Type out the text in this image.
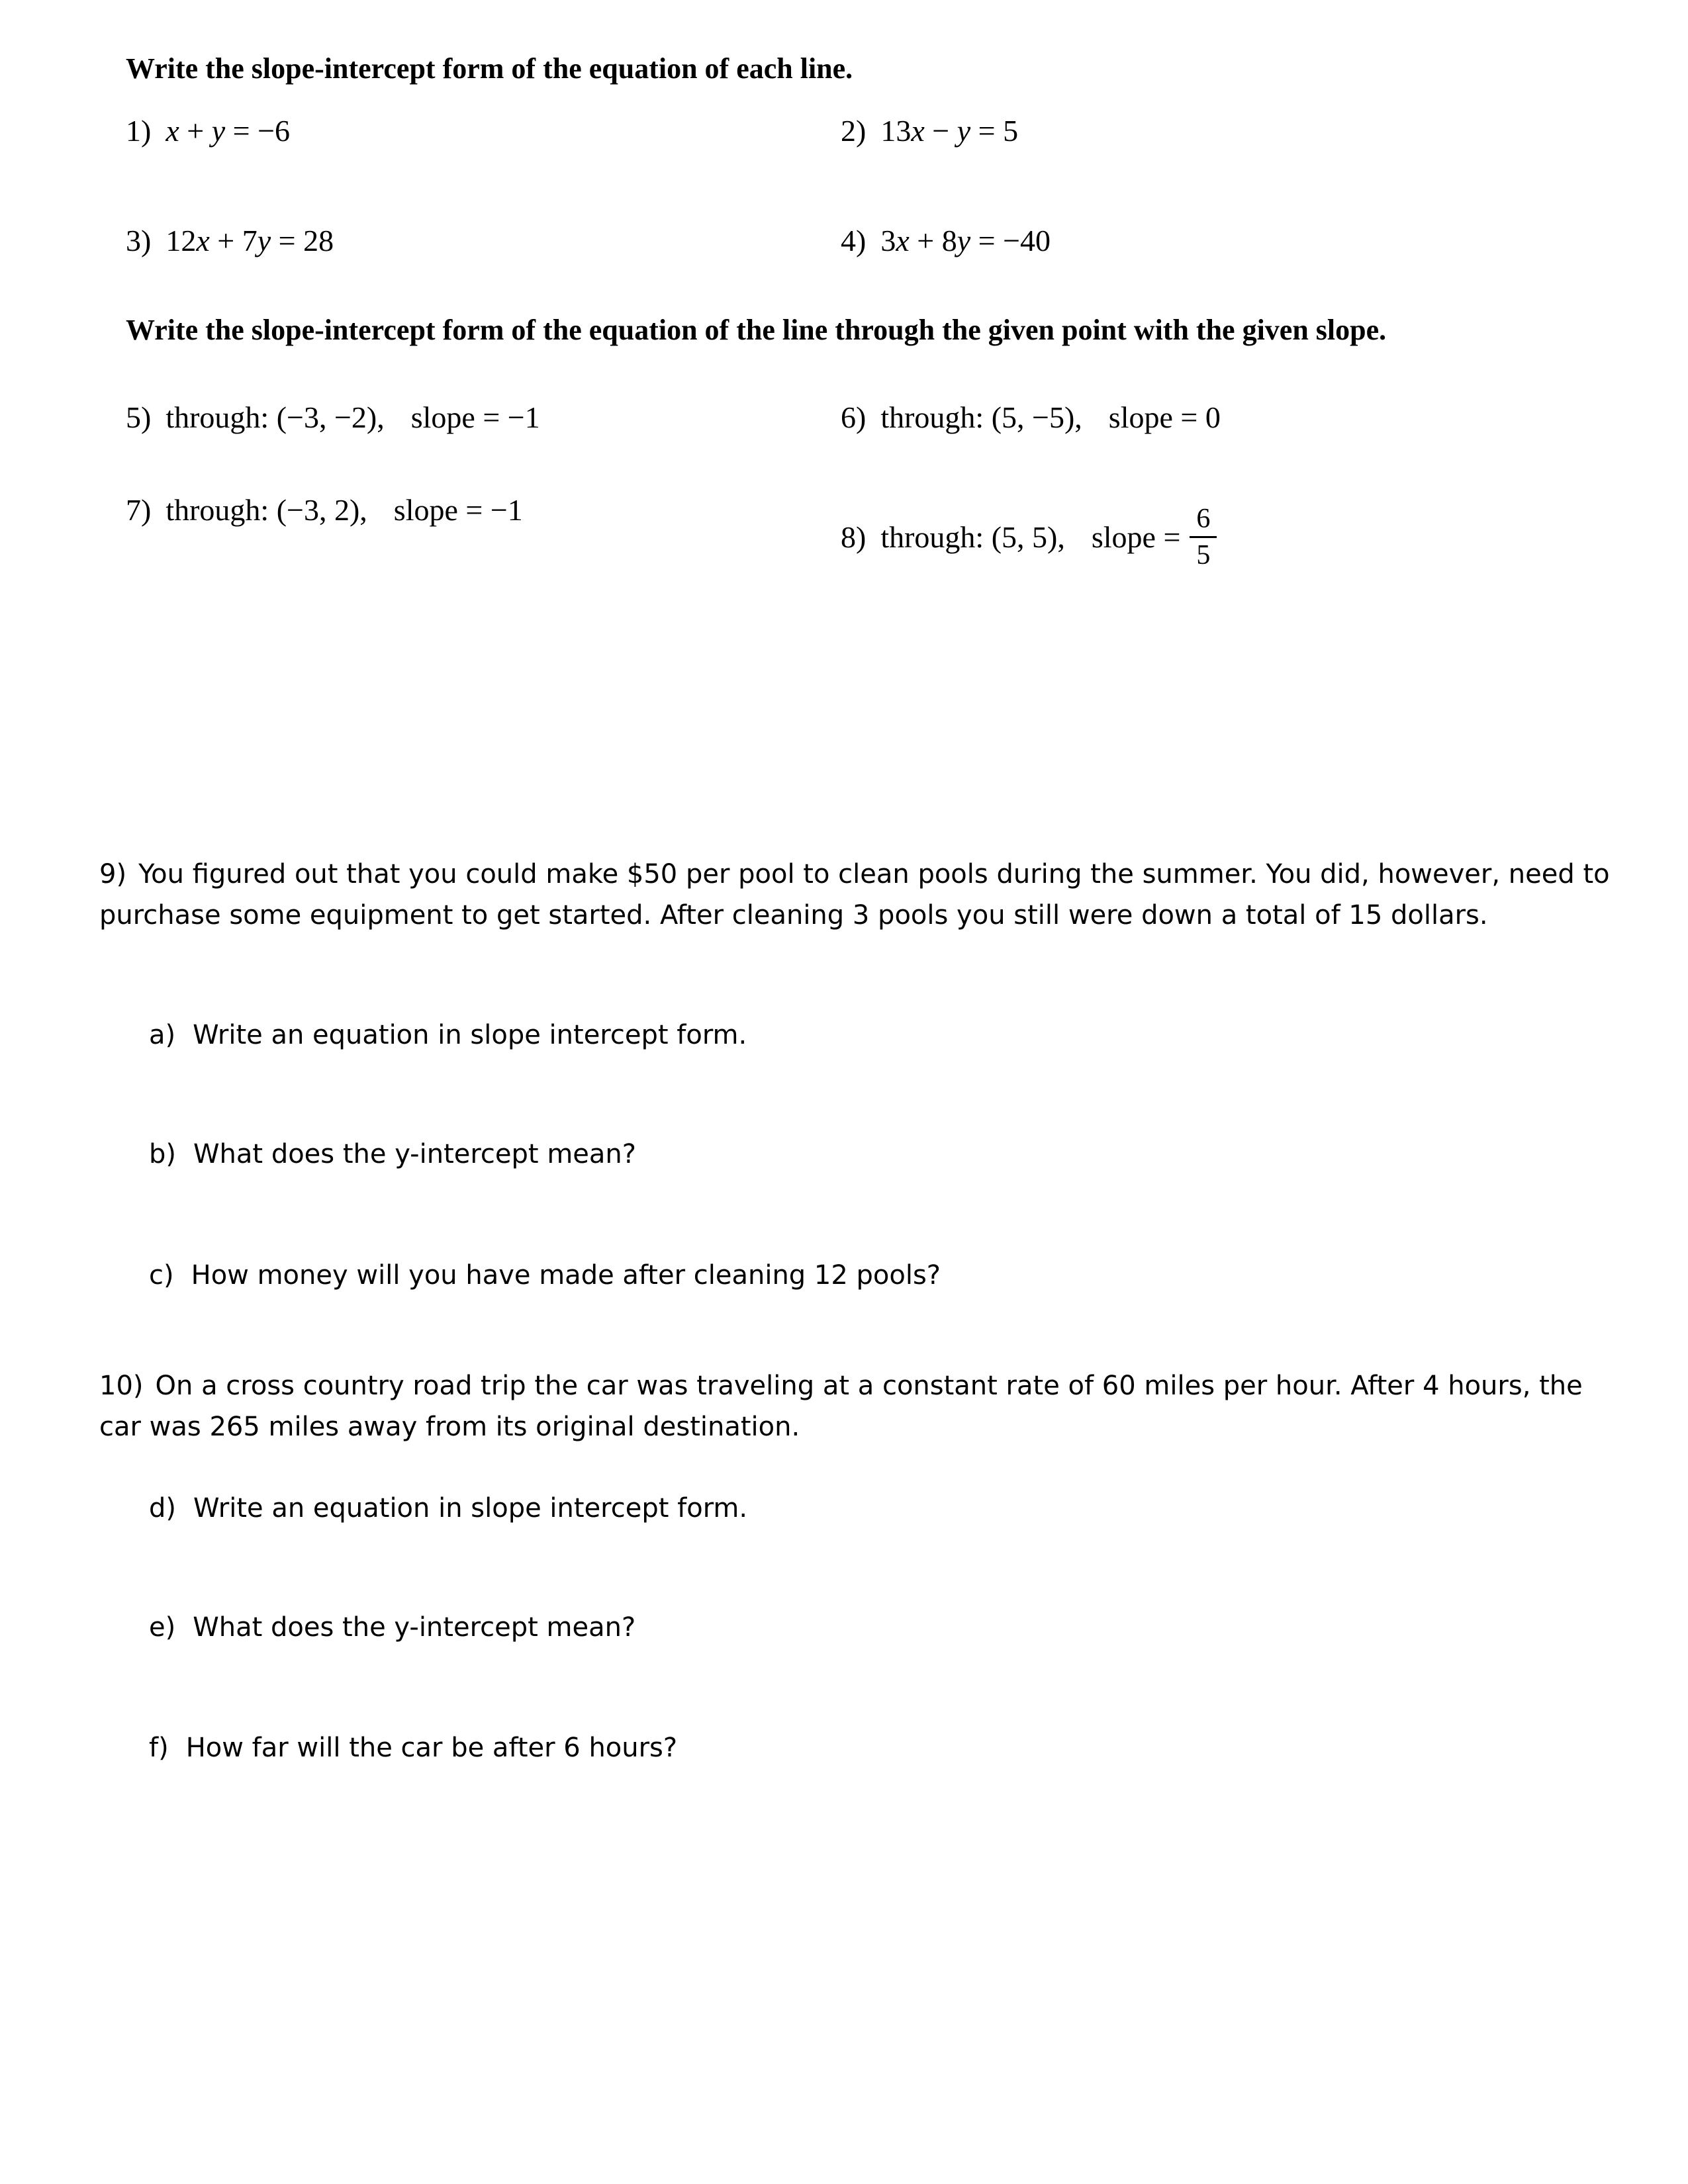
Write the slope-intercept form of the equation of each line.
1) x + y = −6	2) 13x − y = 5
3) 12x + 7y = 28	4) 3x + 8y = −40
Write the slope-intercept form of the equation of the line through the given point with the given slope.
5) through: (−3, −2), slope = −1	6) through: (5, −5), slope = 0
7) through: (−3, 2), slope = −1
8) through: (5, 5), slope = $\frac{6}{5}$
9) You figured out that you could make $50 per pool to clean pools during the summer. You did, however, need to purchase some equipment to get started. After cleaning 3 pools you still were down a total of 15 dollars.
a) Write an equation in slope intercept form.
b) What does the y-intercept mean?
c) How money will you have made after cleaning 12 pools?
10) On a cross country road trip the car was traveling at a constant rate of 60 miles per hour. After 4 hours, the car was 265 miles away from its original destination.
d) Write an equation in slope intercept form.
e) What does the y-intercept mean?
f) How far will the car be after 6 hours?
